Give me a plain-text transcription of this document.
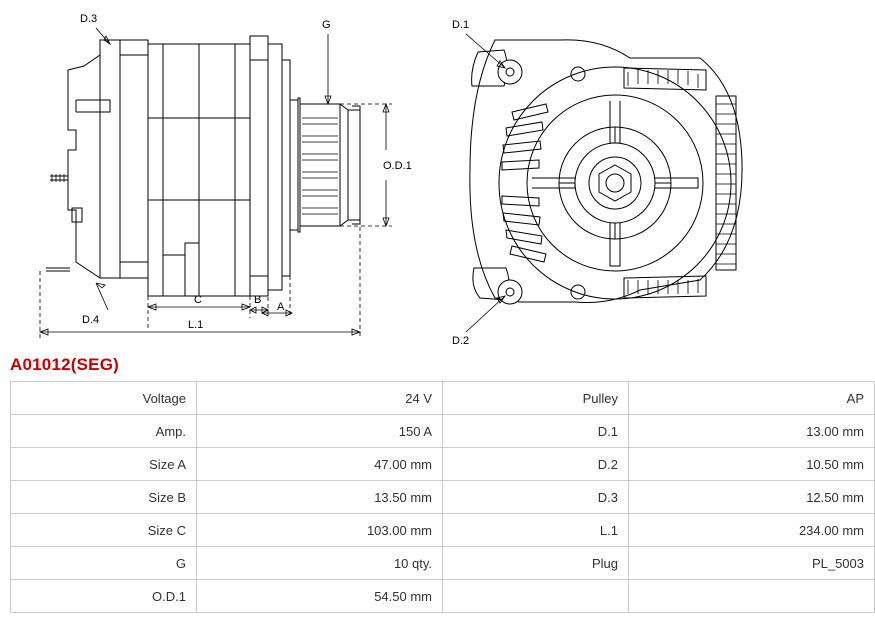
D.3
D.4
G
O.D.1
C	B
A
L.1
D.1
D.2
A01012(SEG)
Voltage	24 V	Pulley	AP
Amp.	150 A	D.1	13.00 mm
Size A	47.00 mm	D.2	10.50 mm
Size B	13.50 mm	D.3	12.50 mm
Size C	103.00 mm	L.1	234.00 mm
G	10 qty.	Plug	PL_5003
O.D.1	54.50 mm		
